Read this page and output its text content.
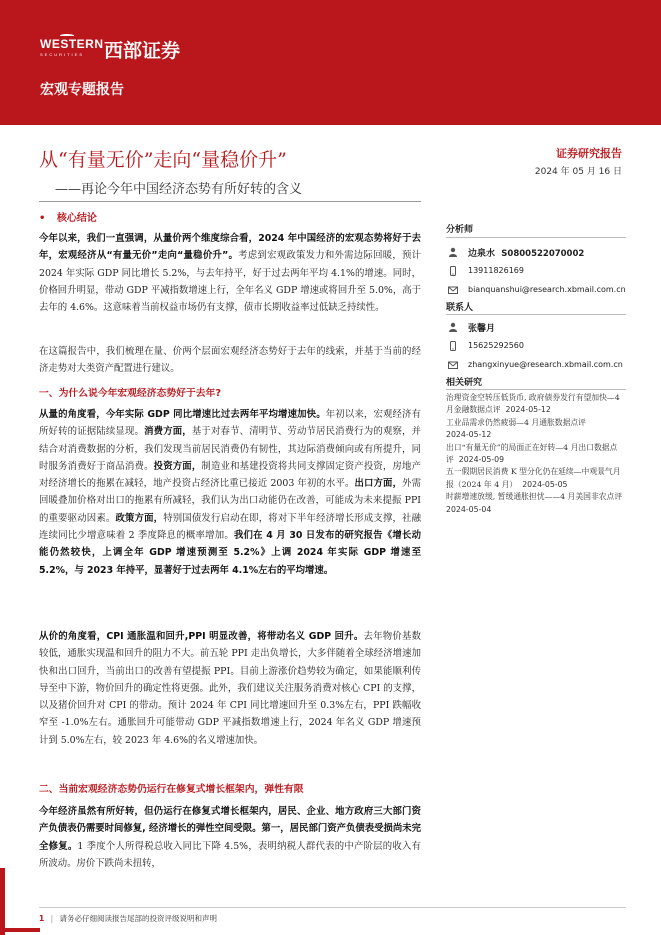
WESTERN
SECURITIES 西部证券
宏观专题报告
从“有量无价”走向“量稳价升”
——再论今年中国经济态势有所好转的含义
证券研究报告
2024 年 05 月 16 日
• 核心结论
今年以来，我们一直强调，从量价两个维度综合看，2024 年中国经济的宏观态势将好于去年，宏观经济从“有量无价”走向“量稳价升”。考虑到宏观政策发力和外需边际回暖，预计 2024 年实际 GDP 同比增长 5.2%，与去年持平，好于过去两年平均 4.1%的增速。同时，价格回升明显，带动 GDP 平减指数增速上行，全年名义 GDP 增速或将回升至 5.0%，高于去年的 4.6%。这意味着当前权益市场仍有支撑，债市长期收益率过低缺乏持续性。
在这篇报告中，我们梳理在量、价两个层面宏观经济态势好于去年的线索，并基于当前的经济走势对大类资产配置进行建议。
一、为什么说今年宏观经济态势好于去年?
从量的角度看，今年实际 GDP 同比增速比过去两年平均增速加快。年初以来，宏观经济有所好转的证据陆续显现。消费方面，基于对春节、清明节、劳动节居民消费行为的观察，并结合对消费数据的分析，我们发现当前居民消费仍有韧性，其边际消费倾向或有所提升，同时服务消费好于商品消费。投资方面，制造业和基建投资将共同支撑固定资产投资，房地产对经济增长的拖累在减轻，地产投资占经济比重已接近 2003 年初的水平。出口方面，外需回暖叠加价格对出口的拖累有所减轻，我们认为出口动能仍在改善，可能成为未来提振 PPI 的重要驱动因素。政策方面，特别国债发行启动在即，将对下半年经济增长形成支撑，社融连续同比少增意味着 2 季度降息的概率增加。我们在 4 月 30 日发布的研究报告《增长动能仍然较快，上调全年 GDP 增速预测至 5.2%》上调 2024 年实际 GDP 增速至 5.2%，与 2023 年持平，显著好于过去两年 4.1%左右的平均增速。
从价的角度看，CPI 通胀温和回升,PPI 明显改善，将带动名义 GDP 回升。去年物价基数较低，通胀实现温和回升的阻力不大。前五轮 PPI 走出负增长，大多伴随着全球经济增速加快和出口回升，当前出口的改善有望提振 PPI。目前上游涨价趋势较为确定，如果能顺利传导至中下游，物价回升的确定性将更强。此外，我们建议关注服务消费对核心 CPI 的支撑，以及猪价回升对 CPI 的带动。预计 2024 年 CPI 同比增速回升至 0.3%左右，PPI 跌幅收窄至 -1.0%左右。通胀回升可能带动 GDP 平减指数增速上行，2024 年名义 GDP 增速预计到 5.0%左右，较 2023 年 4.6%的名义增速加快。
二、当前宏观经济态势仍运行在修复式增长框架内，弹性有限
今年经济虽然有所好转，但仍运行在修复式增长框架内，居民、企业、地方政府三大部门资产负债表仍需要时间修复, 经济增长的弹性空间受限。第一，居民部门资产负债表受损尚未完全修复。1 季度个人所得税总收入同比下降 4.5%，表明纳税人群代表的中产阶层的收入有所波动。房价下跌尚未扭转，
分析师
边泉水 S0800522070002
13911826169
bianquanshui@research.xbmail.com.cn
联系人
张馨月
15625292560
zhangxinyue@research.xbmail.com.cn
相关研究
治理资金空转压低货币, 政府债券发行有望加快—4 月金融数据点评 2024-05-12
工业品需求仍然疲弱—4 月通胀数据点评
2024-05-12
出口“有量无价”的局面正在好转—4 月出口数据点评 2024-05-09
五一假期居民消费 K 型分化仍在延续—中观景气月报（2024 年 4 月） 2024-05-05
时薪增速放缓, 暂缓通胀担忧——4 月美国非农点评
2024-05-04
1 | 请务必仔细阅读报告尾部的投资评级说明和声明
